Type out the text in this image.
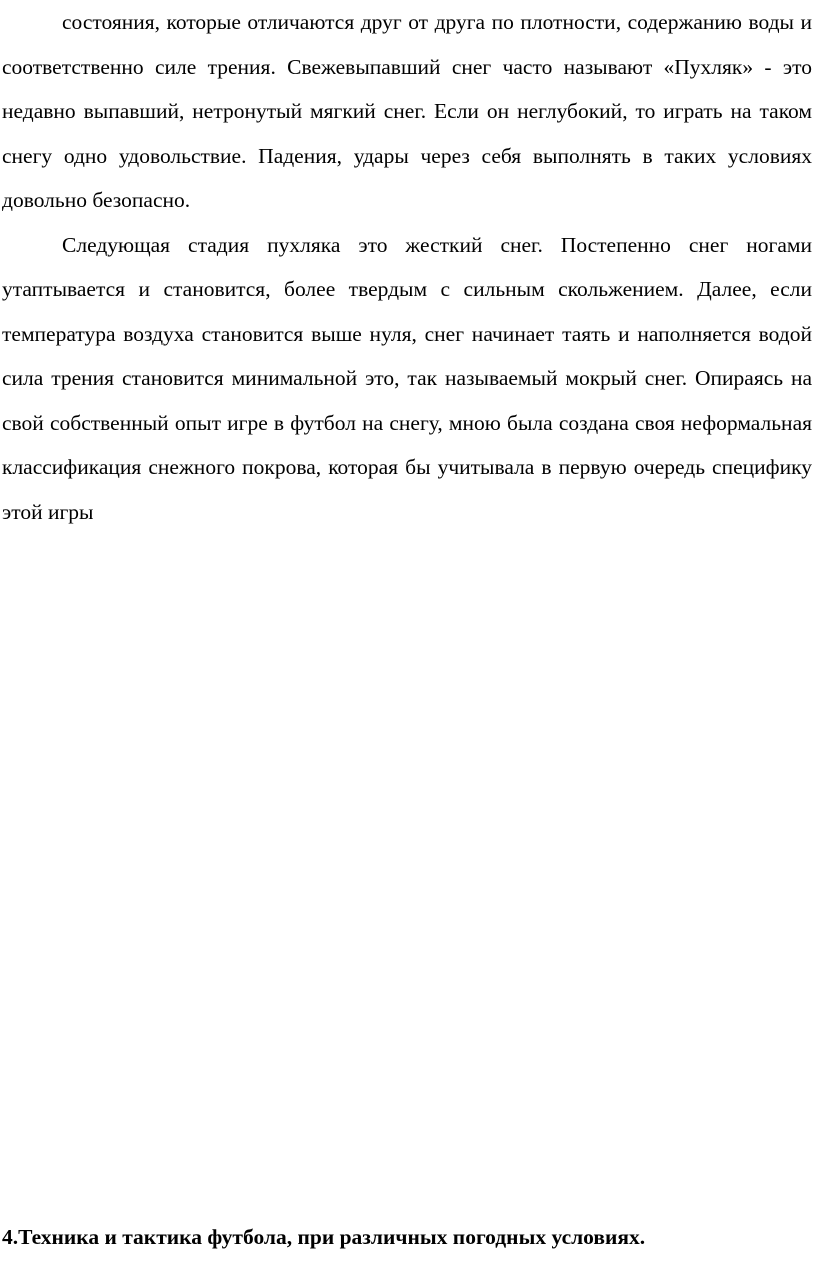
состояния, которые отличаются друг от друга по плотности, содержанию воды и соответственно силе трения. Свежевыпавший снег часто называют «Пухляк» - это недавно выпавший, нетронутый мягкий снег. Если он неглубокий, то играть на таком снегу одно удовольствие. Падения, удары через себя выполнять в таких условиях довольно безопасно.

Следующая стадия пухляка это жесткий снег. Постепенно снег ногами утаптывается и становится, более твердым с сильным скольжением. Далее, если температура воздуха становится выше нуля, снег начинает таять и наполняется водой сила трения становится минимальной это, так называемый мокрый снег. Опираясь на свой собственный опыт игре в футбол на снегу, мною была создана своя неформальная классификация снежного покрова, которая бы учитывала в первую очередь специфику этой игры

4.Техника и тактика футбола, при различных погодных условиях.
